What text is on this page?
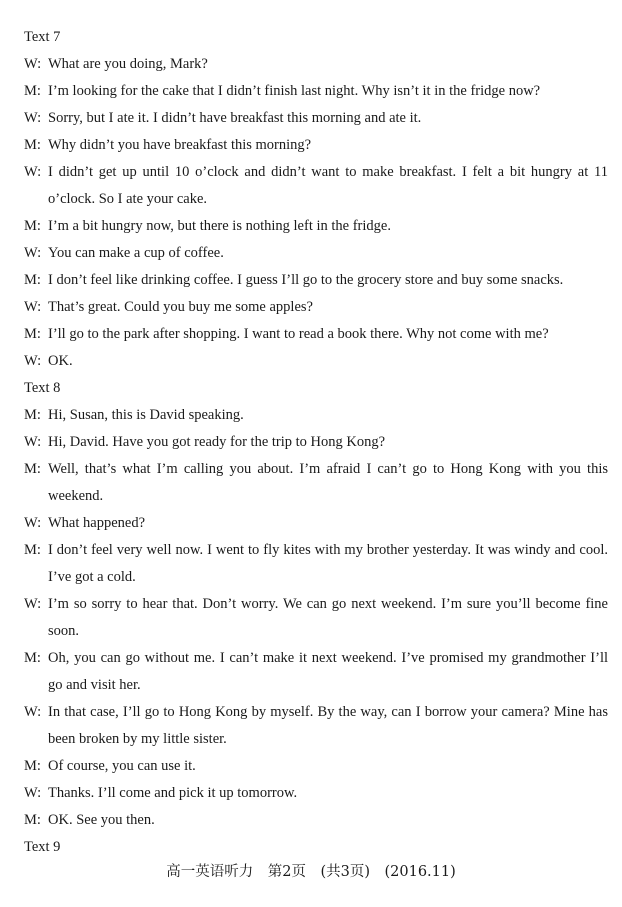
Text 7
W: What are you doing, Mark?
M: I’m looking for the cake that I didn’t finish last night. Why isn’t it in the fridge now?
W: Sorry, but I ate it. I didn’t have breakfast this morning and ate it.
M: Why didn’t you have breakfast this morning?
W: I didn’t get up until 10 o’clock and didn’t want to make breakfast. I felt a bit hungry at 11 o’clock. So I ate your cake.
M: I’m a bit hungry now, but there is nothing left in the fridge.
W: You can make a cup of coffee.
M: I don’t feel like drinking coffee. I guess I’ll go to the grocery store and buy some snacks.
W: That’s great. Could you buy me some apples?
M: I’ll go to the park after shopping. I want to read a book there. Why not come with me?
W: OK.
Text 8
M: Hi, Susan, this is David speaking.
W: Hi, David. Have you got ready for the trip to Hong Kong?
M: Well, that’s what I’m calling you about. I’m afraid I can’t go to Hong Kong with you this weekend.
W: What happened?
M: I don’t feel very well now. I went to fly kites with my brother yesterday. It was windy and cool. I’ve got a cold.
W: I’m so sorry to hear that. Don’t worry. We can go next weekend. I’m sure you’ll become fine soon.
M: Oh, you can go without me. I can’t make it next weekend. I’ve promised my grandmother I’ll go and visit her.
W: In that case, I’ll go to Hong Kong by myself. By the way, can I borrow your camera? Mine has been broken by my little sister.
M: Of course, you can use it.
W: Thanks. I’ll come and pick it up tomorrow.
M: OK. See you then.
Text 9
高一英语听力　第2页　(共3页)　(2016.11)
